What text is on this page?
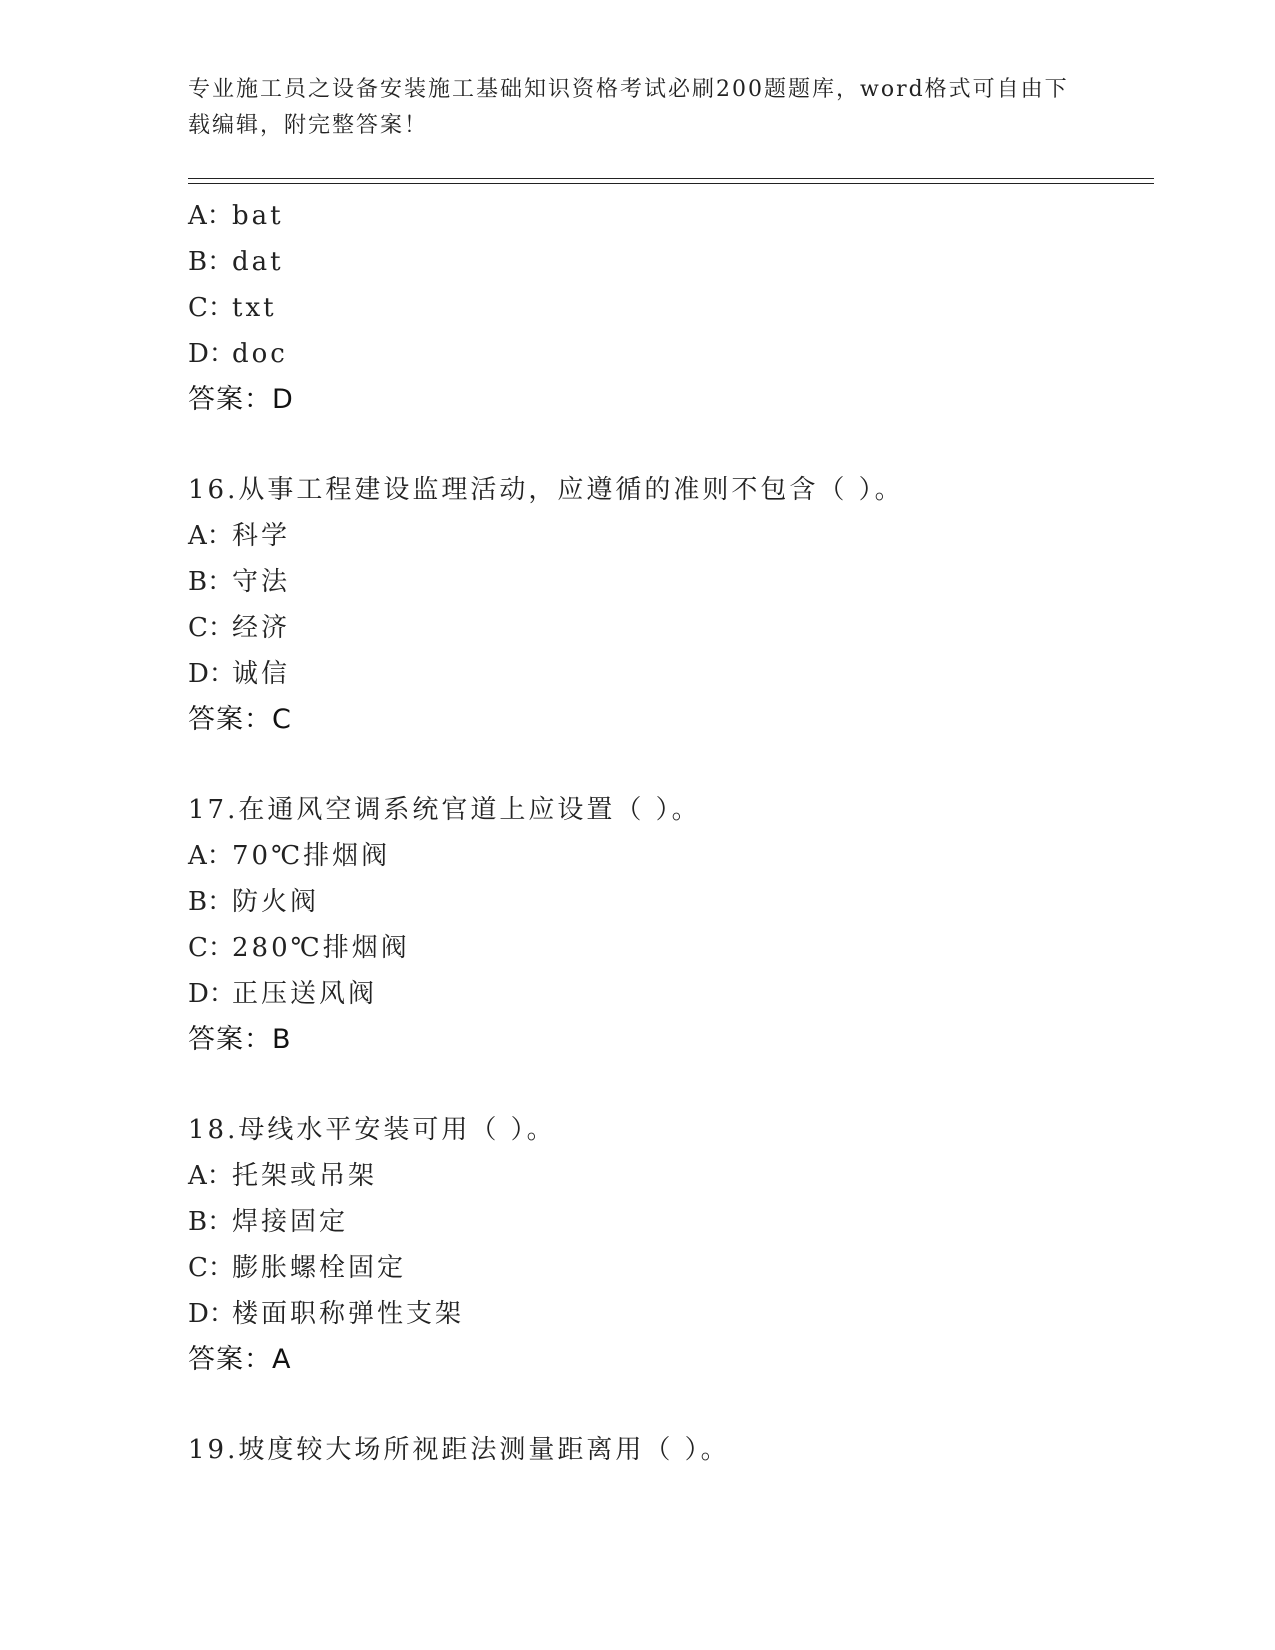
专业施工员之设备安装施工基础知识资格考试必刷200题题库，word格式可自由下载编辑，附完整答案！
A：bat
B：dat
C：txt
D：doc
答案：D
16.从事工程建设监理活动，应遵循的准则不包含（ ）。
A：科学
B：守法
C：经济
D：诚信
答案：C
17.在通风空调系统官道上应设置（ ）。
A：70℃排烟阀
B：防火阀
C：280℃排烟阀
D：正压送风阀
答案：B
18.母线水平安装可用（ ）。
A：托架或吊架
B：焊接固定
C：膨胀螺栓固定
D：楼面职称弹性支架
答案：A
19.坡度较大场所视距法测量距离用（ ）。
